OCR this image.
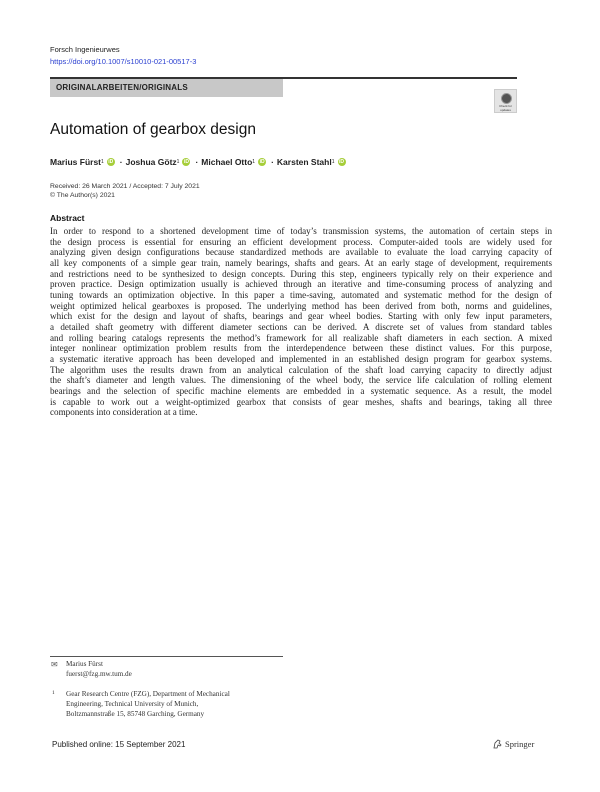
Forsch Ingenieurwes
https://doi.org/10.1007/s10010-021-00517-3
ORIGINALARBEITEN/ORIGINALS
Check for updates
Automation of gearbox design
Marius Fürst 1 iD · Joshua Götz 1 iD · Michael Otto 1 iD · Karsten Stahl 1 iD
Received: 26 March 2021 / Accepted: 7 July 2021
© The Author(s) 2021
Abstract
In order to respond to a shortened development time of today’s transmission systems, the automation of certain steps in
the design process is essential for ensuring an efficient development process. Computer-aided tools are widely used for
analyzing given design configurations because standardized methods are available to evaluate the load carrying capacity of
all key components of a simple gear train, namely bearings, shafts and gears. At an early stage of development, requirements
and restrictions need to be synthesized to design concepts. During this step, engineers typically rely on their experience and
proven practice. Design optimization usually is achieved through an iterative and time-consuming process of analyzing and
tuning towards an optimization objective. In this paper a time-saving, automated and systematic method for the design of
weight optimized helical gearboxes is proposed. The underlying method has been derived from both, norms and guidelines,
which exist for the design and layout of shafts, bearings and gear wheel bodies. Starting with only few input parameters,
a detailed shaft geometry with different diameter sections can be derived. A discrete set of values from standard tables
and rolling bearing catalogs represents the method’s framework for all realizable shaft diameters in each section. A mixed
integer nonlinear optimization problem results from the interdependence between these distinct values. For this purpose,
a systematic iterative approach has been developed and implemented in an established design program for gearbox systems.
The algorithm uses the results drawn from an analytical calculation of the shaft load carrying capacity to directly adjust
the shaft’s diameter and length values. The dimensioning of the wheel body, the service life calculation of rolling element
bearings and the selection of specific machine elements are embedded in a systematic sequence. As a result, the model
is capable to work out a weight-optimized gearbox that consists of gear meshes, shafts and bearings, taking all three
components into consideration at a time.
✉ Marius Fürst
fuerst@fzg.mw.tum.de
1 Gear Research Centre (FZG), Department of Mechanical
Engineering, Technical University of Munich,
Boltzmannstraße 15, 85748 Garching, Germany
Published online: 15 September 2021	Springer
